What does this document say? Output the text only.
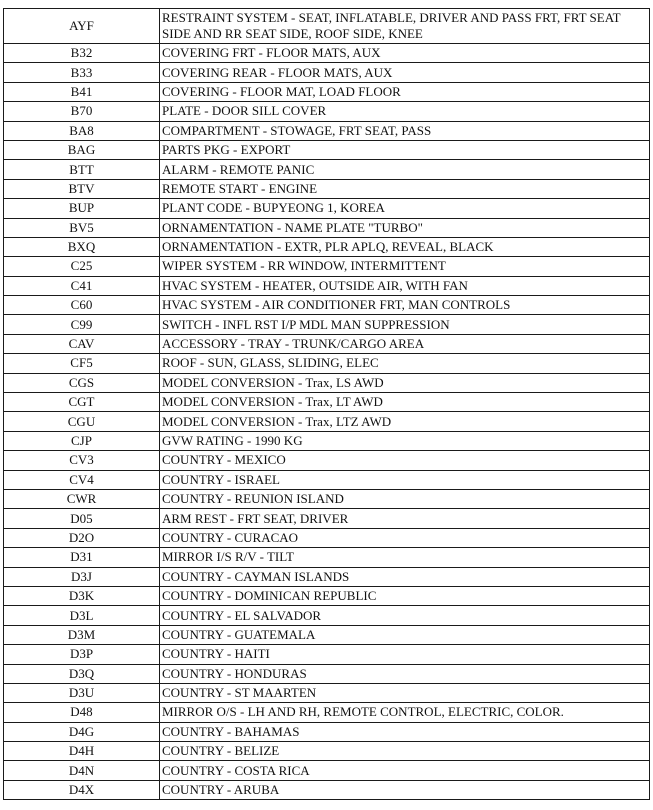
AYF	RESTRAINT SYSTEM - SEAT, INFLATABLE, DRIVER AND PASS FRT, FRT SEAT SIDE AND RR SEAT SIDE, ROOF SIDE, KNEE
B32	COVERING FRT - FLOOR MATS, AUX
B33	COVERING REAR - FLOOR MATS, AUX
B41	COVERING - FLOOR MAT, LOAD FLOOR
B70	PLATE - DOOR SILL COVER
BA8	COMPARTMENT - STOWAGE, FRT SEAT, PASS
BAG	PARTS PKG - EXPORT
BTT	ALARM - REMOTE PANIC
BTV	REMOTE START - ENGINE
BUP	PLANT CODE - BUPYEONG 1, KOREA
BV5	ORNAMENTATION - NAME PLATE "TURBO"
BXQ	ORNAMENTATION - EXTR, PLR APLQ, REVEAL, BLACK
C25	WIPER SYSTEM - RR WINDOW, INTERMITTENT
C41	HVAC SYSTEM - HEATER, OUTSIDE AIR, WITH FAN
C60	HVAC SYSTEM - AIR CONDITIONER FRT, MAN CONTROLS
C99	SWITCH - INFL RST I/P MDL MAN SUPPRESSION
CAV	ACCESSORY - TRAY - TRUNK/CARGO AREA
CF5	ROOF - SUN, GLASS, SLIDING, ELEC
CGS	MODEL CONVERSION - Trax, LS AWD
CGT	MODEL CONVERSION - Trax, LT AWD
CGU	MODEL CONVERSION - Trax, LTZ AWD
CJP	GVW RATING - 1990 KG
CV3	COUNTRY - MEXICO
CV4	COUNTRY - ISRAEL
CWR	COUNTRY - REUNION ISLAND
D05	ARM REST - FRT SEAT, DRIVER
D2O	COUNTRY - CURACAO
D31	MIRROR I/S R/V - TILT
D3J	COUNTRY - CAYMAN ISLANDS
D3K	COUNTRY - DOMINICAN REPUBLIC
D3L	COUNTRY - EL SALVADOR
D3M	COUNTRY - GUATEMALA
D3P	COUNTRY - HAITI
D3Q	COUNTRY - HONDURAS
D3U	COUNTRY - ST MAARTEN
D48	MIRROR O/S - LH AND RH, REMOTE CONTROL, ELECTRIC, COLOR.
D4G	COUNTRY - BAHAMAS
D4H	COUNTRY - BELIZE
D4N	COUNTRY - COSTA RICA
D4X	COUNTRY - ARUBA
